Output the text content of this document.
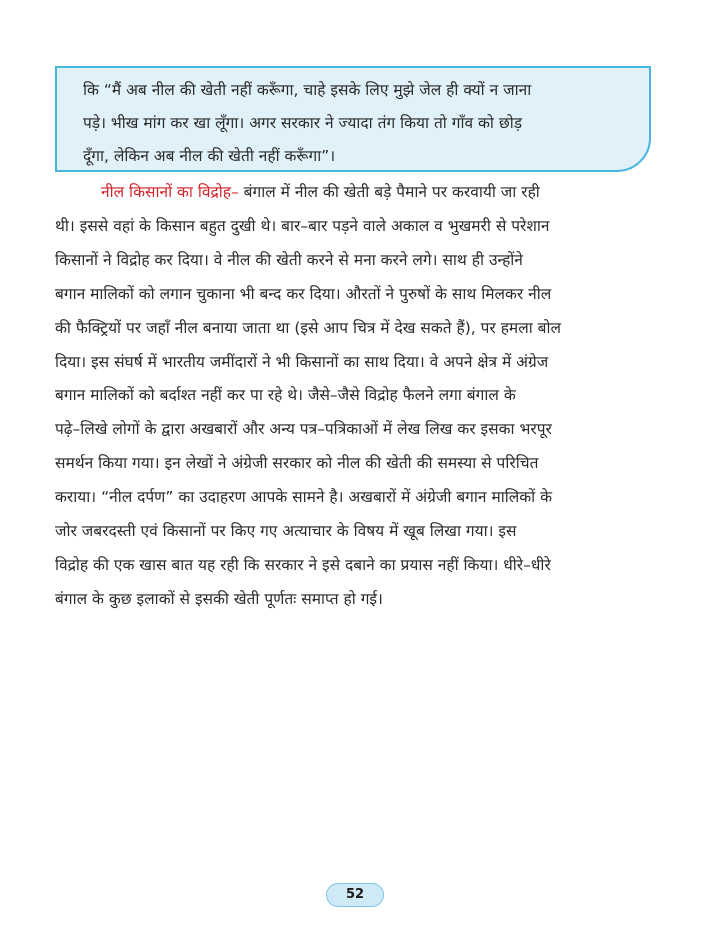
कि “मैं अब नील की खेती नहीं करूँगा, चाहे इसके लिए मुझे जेल ही क्यों न जाना
पड़े। भीख मांग कर खा लूँगा। अगर सरकार ने ज्यादा तंग किया तो गाँव को छोड़
दूँगा, लेकिन अब नील की खेती नहीं करूँगा”।
नील किसानों का विद्रोह– बंगाल में नील की खेती बड़े पैमाने पर करवायी जा रही
थी। इससे वहां के किसान बहुत दुखी थे। बार–बार पड़ने वाले अकाल व भुखमरी से परेशान
किसानों ने विद्रोह कर दिया। वे नील की खेती करने से मना करने लगे। साथ ही उन्होंने
बगान मालिकों को लगान चुकाना भी बन्द कर दिया। औरतों ने पुरुषों के साथ मिलकर नील
की फैक्ट्रियों पर जहाँ नील बनाया जाता था (इसे आप चित्र में देख सकते हैं), पर हमला बोल
दिया। इस संघर्ष में भारतीय जमींदारों ने भी किसानों का साथ दिया। वे अपने क्षेत्र में अंग्रेज
बगान मालिकों को बर्दाश्त नहीं कर पा रहे थे। जैसे–जैसे विद्रोह फैलने लगा बंगाल के
पढ़े–लिखे लोगों के द्वारा अखबारों और अन्य पत्र–पत्रिकाओं में लेख लिख कर इसका भरपूर
समर्थन किया गया। इन लेखों ने अंग्रेजी सरकार को नील की खेती की समस्या से परिचित
कराया। “नील दर्पण” का उदाहरण आपके सामने है। अखबारों में अंग्रेजी बगान मालिकों के
जोर जबरदस्ती एवं किसानों पर किए गए अत्याचार के विषय में खूब लिखा गया। इस
विद्रोह की एक खास बात यह रही कि सरकार ने इसे दबाने का प्रयास नहीं किया। धीरे–धीरे
बंगाल के कुछ इलाकों से इसकी खेती पूर्णतः समाप्त हो गई।
52
